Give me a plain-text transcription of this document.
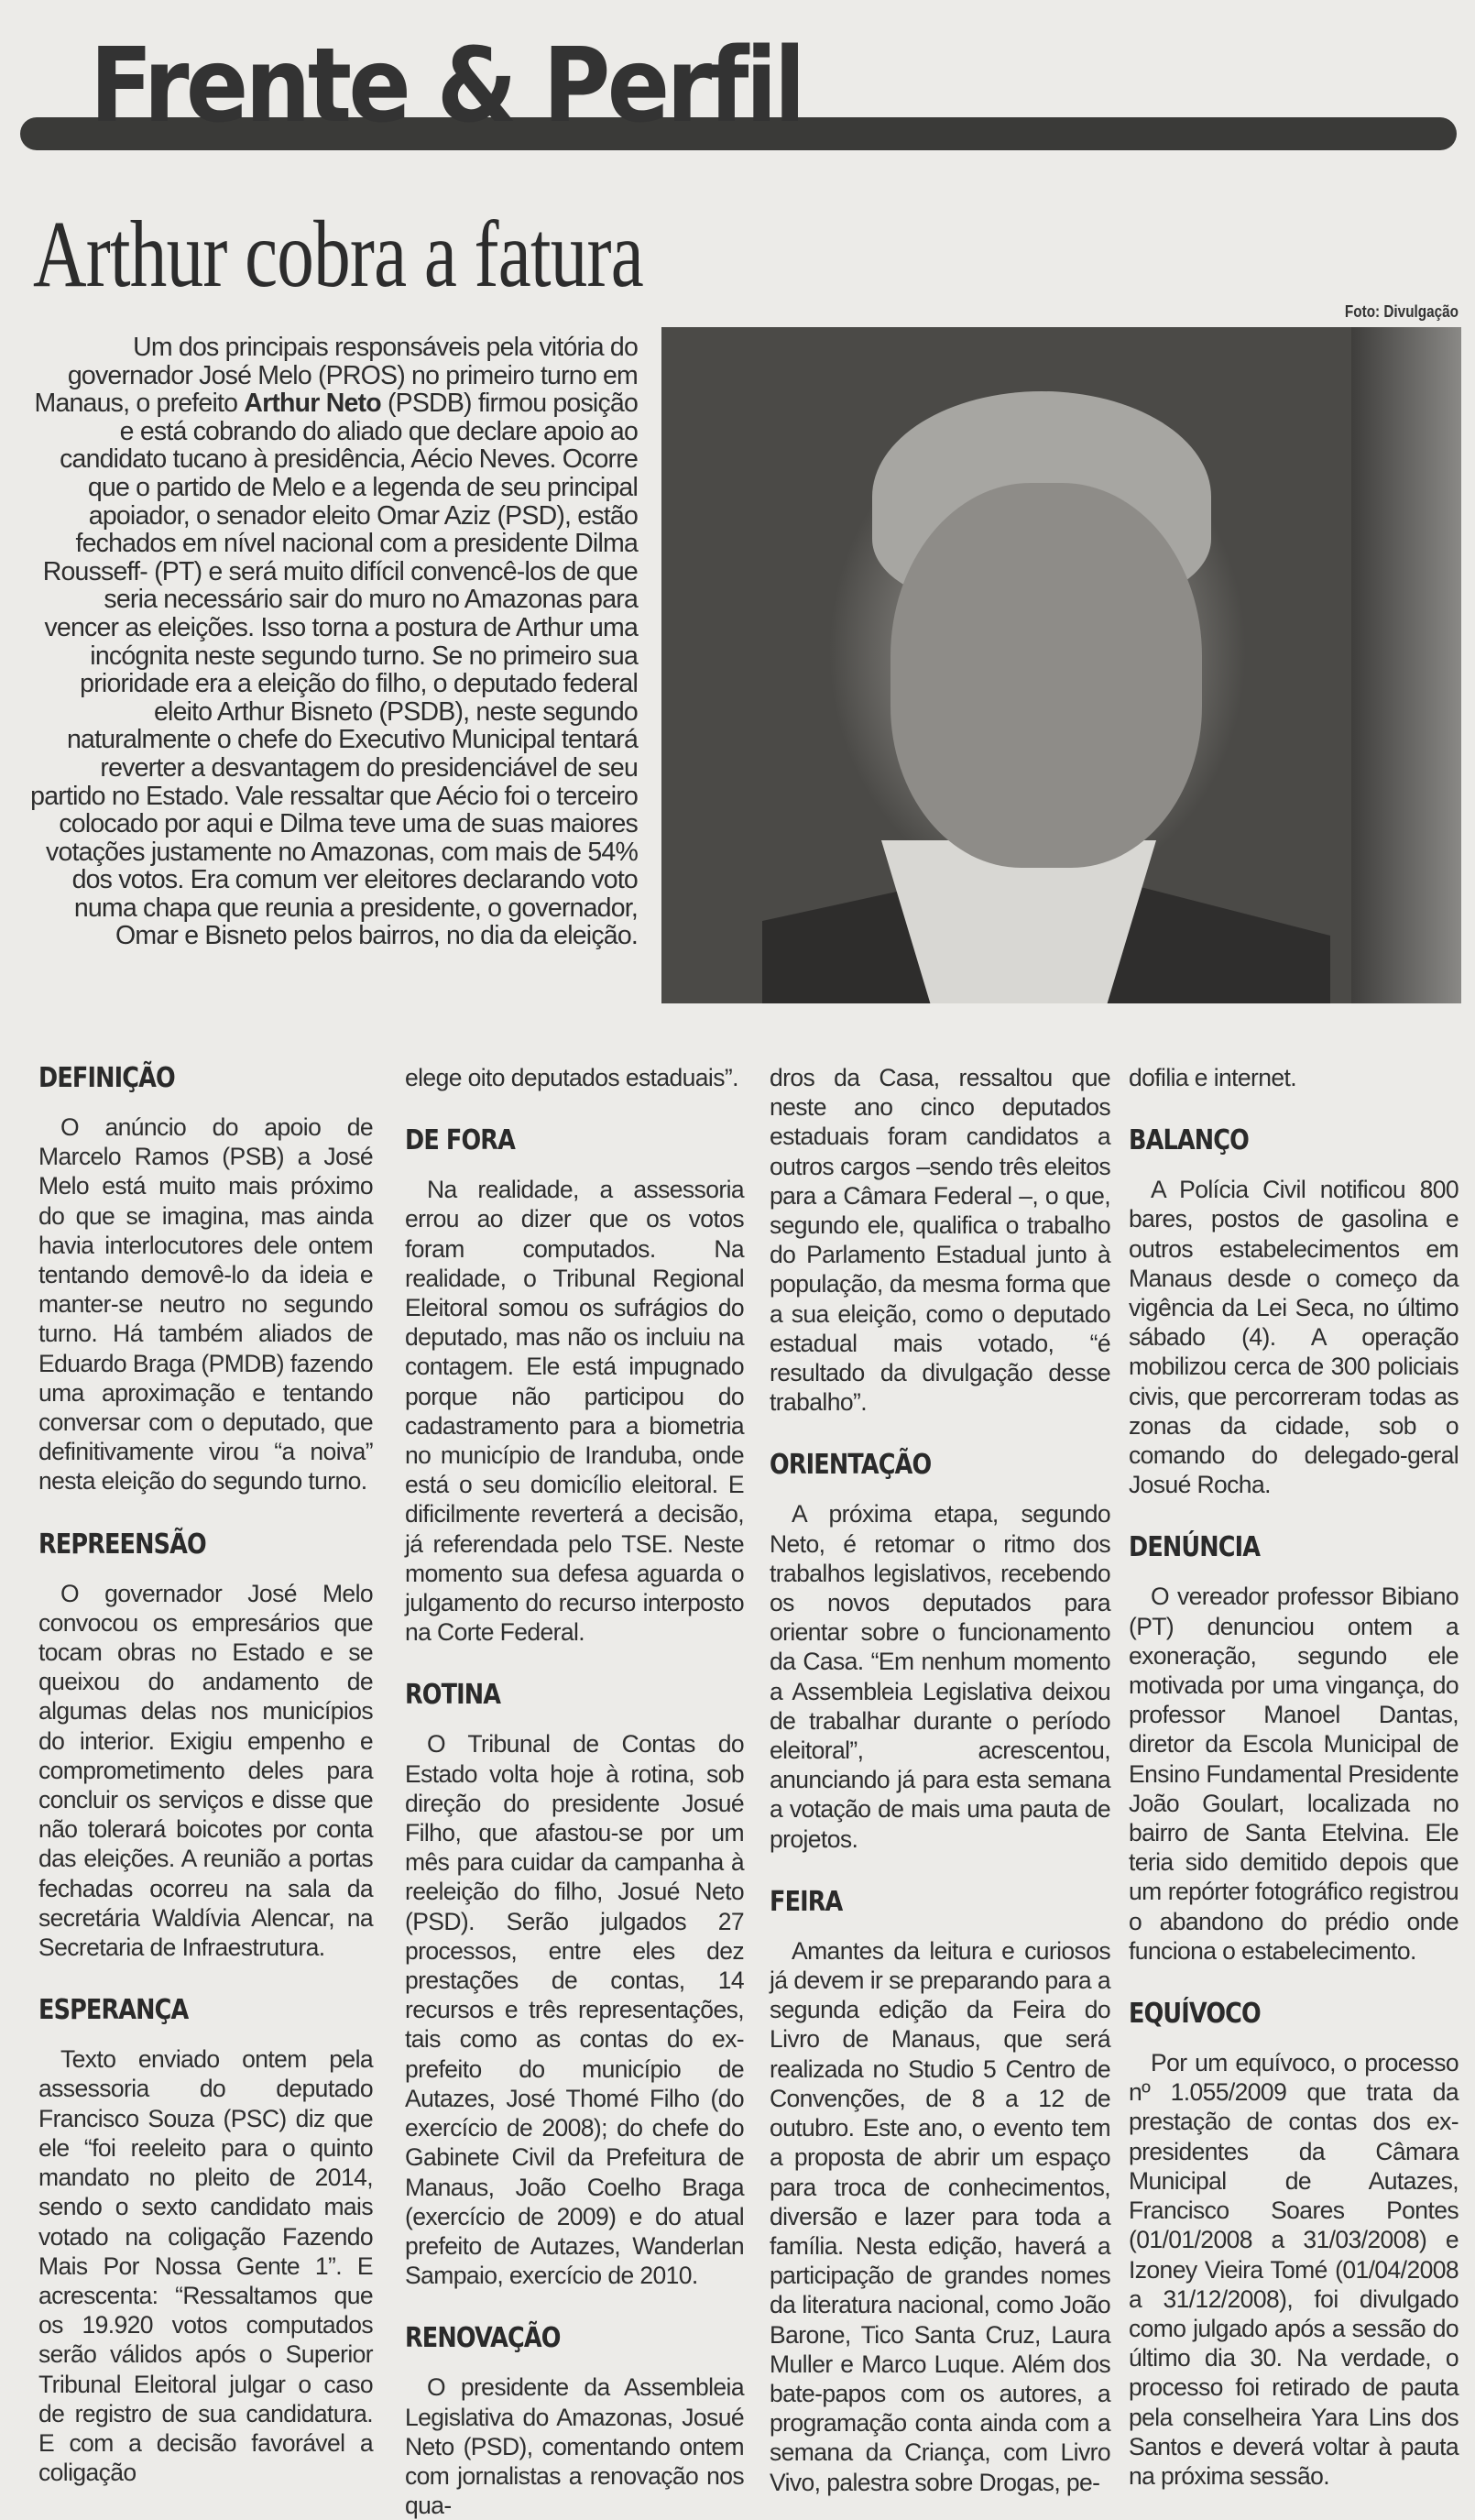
Frente & Perfil
Arthur cobra a fatura
Foto: Divulgação
Um dos principais responsáveis pela vitória do governador José Melo (PROS) no primeiro turno em Manaus, o prefeito Arthur Neto (PSDB) firmou posição e está cobrando do aliado que declare apoio ao candidato tucano à presidência, Aécio Neves. Ocorre que o partido de Melo e a legenda de seu principal apoiador, o senador eleito Omar Aziz (PSD), estão fechados em nível nacional com a presidente Dilma Rousseff- (PT) e será muito difícil convencê-los de que seria necessário sair do muro no Amazonas para vencer as eleições. Isso torna a postura de Arthur uma incógnita neste segundo turno. Se no primeiro sua prioridade era a eleição do filho, o deputado federal eleito Arthur Bisneto (PSDB), neste segundo naturalmente o chefe do Executivo Municipal tentará reverter a desvantagem do presidenciável de seu partido no Estado. Vale ressaltar que Aécio foi o terceiro colocado por aqui e Dilma teve uma de suas maiores votações justamente no Amazonas, com mais de 54% dos votos. Era comum ver eleitores declarando voto numa chapa que reunia a presidente, o governador, Omar e Bisneto pelos bairros, no dia da eleição.
DEFINIÇÃO

O anúncio do apoio de Marcelo Ramos (PSB) a José Melo está muito mais próximo do que se imagina, mas ainda havia interlocutores dele ontem tentando demovê-lo da ideia e manter-se neutro no segundo turno. Há também aliados de Eduardo Braga (PMDB) fazendo uma aproximação e tentando conversar com o deputado, que definitivamente virou “a noiva” nesta eleição do segundo turno.

REPREENSÃO

O governador José Melo convocou os empresários que tocam obras no Estado e se queixou do andamento de algumas delas nos municípios do interior. Exigiu empenho e comprometimento deles para concluir os serviços e disse que não tolerará boicotes por conta das eleições. A reunião a portas fechadas ocorreu na sala da secretária Waldívia Alencar, na Secretaria de Infraestrutura.

ESPERANÇA

Texto enviado ontem pela assessoria do deputado Francisco Souza (PSC) diz que ele “foi reeleito para o quinto mandato no pleito de 2014, sendo o sexto candidato mais votado na coligação Fazendo Mais Por Nossa Gente 1”. E acrescenta: “Ressaltamos que os 19.920 votos computados serão válidos após o Superior Tribunal Eleitoral julgar o caso de registro de sua candidatura. E com a decisão favorável a coligação

elege oito deputados estaduais”.

DE FORA

Na realidade, a assessoria errou ao dizer que os votos foram computados. Na realidade, o Tribunal Regional Eleitoral somou os sufrágios do deputado, mas não os incluiu na contagem. Ele está impugnado porque não participou do cadastramento para a biometria no município de Iranduba, onde está o seu domicílio eleitoral. E dificilmente reverterá a decisão, já referendada pelo TSE. Neste momento sua defesa aguarda o julgamento do recurso interposto na Corte Federal.

ROTINA

O Tribunal de Contas do Estado volta hoje à rotina, sob direção do presidente Josué Filho, que afastou-se por um mês para cuidar da campanha à reeleição do filho, Josué Neto (PSD). Serão julgados 27 processos, entre eles dez prestações de contas, 14 recursos e três representações, tais como as contas do ex-prefeito do município de Autazes, José Thomé Filho (do exercício de 2008); do chefe do Gabinete Civil da Prefeitura de Manaus, João Coelho Braga (exercício de 2009) e do atual prefeito de Autazes, Wanderlan Sampaio, exercício de 2010.

RENOVAÇÃO

O presidente da Assembleia Legislativa do Amazonas, Josué Neto (PSD), comentando ontem com jornalistas a renovação nos qua-

dros da Casa, ressaltou que neste ano cinco deputados estaduais foram candidatos a outros cargos –sendo três eleitos para a Câmara Federal –, o que, segundo ele, qualifica o trabalho do Parlamento Estadual junto à população, da mesma forma que a sua eleição, como o deputado estadual mais votado, “é resultado da divulgação desse trabalho”.

ORIENTAÇÃO

A próxima etapa, segundo Neto, é retomar o ritmo dos trabalhos legislativos, recebendo os novos deputados para orientar sobre o funcionamento da Casa. “Em nenhum momento a Assembleia Legislativa deixou de trabalhar durante o período eleitoral”, acrescentou, anunciando já para esta semana a votação de mais uma pauta de projetos.

FEIRA

Amantes da leitura e curiosos já devem ir se preparando para a segunda edição da Feira do Livro de Manaus, que será realizada no Studio 5 Centro de Convenções, de 8 a 12 de outubro. Este ano, o evento tem a proposta de abrir um espaço para troca de conhecimentos, diversão e lazer para toda a família. Nesta edição, haverá a participação de grandes nomes da literatura nacional, como João Barone, Tico Santa Cruz, Laura Muller e Marco Luque. Além dos bate-papos com os autores, a programação conta ainda com a semana da Criança, com Livro Vivo, palestra sobre Drogas, pe-

dofilia e internet.

BALANÇO

A Polícia Civil notificou 800 bares, postos de gasolina e outros estabelecimentos em Manaus desde o começo da vigência da Lei Seca, no último sábado (4). A operação mobilizou cerca de 300 policiais civis, que percorreram todas as zonas da cidade, sob o comando do delegado-geral Josué Rocha.

DENÚNCIA

O vereador professor Bibiano (PT) denunciou ontem a exoneração, segundo ele motivada por uma vingança, do professor Manoel Dantas, diretor da Escola Municipal de Ensino Fundamental Presidente João Goulart, localizada no bairro de Santa Etelvina. Ele teria sido demitido depois que um repórter fotográfico registrou o abandono do prédio onde funciona o estabelecimento.

EQUÍVOCO

Por um equívoco, o processo nº 1.055/2009 que trata da prestação de contas dos ex-presidentes da Câmara Municipal de Autazes, Francisco Soares Pontes (01/01/2008 a 31/03/2008) e Izoney Vieira Tomé (01/04/2008 a 31/12/2008), foi divulgado como julgado após a sessão do último dia 30. Na verdade, o processo foi retirado de pauta pela conselheira Yara Lins dos Santos e deverá voltar à pauta na próxima sessão.
